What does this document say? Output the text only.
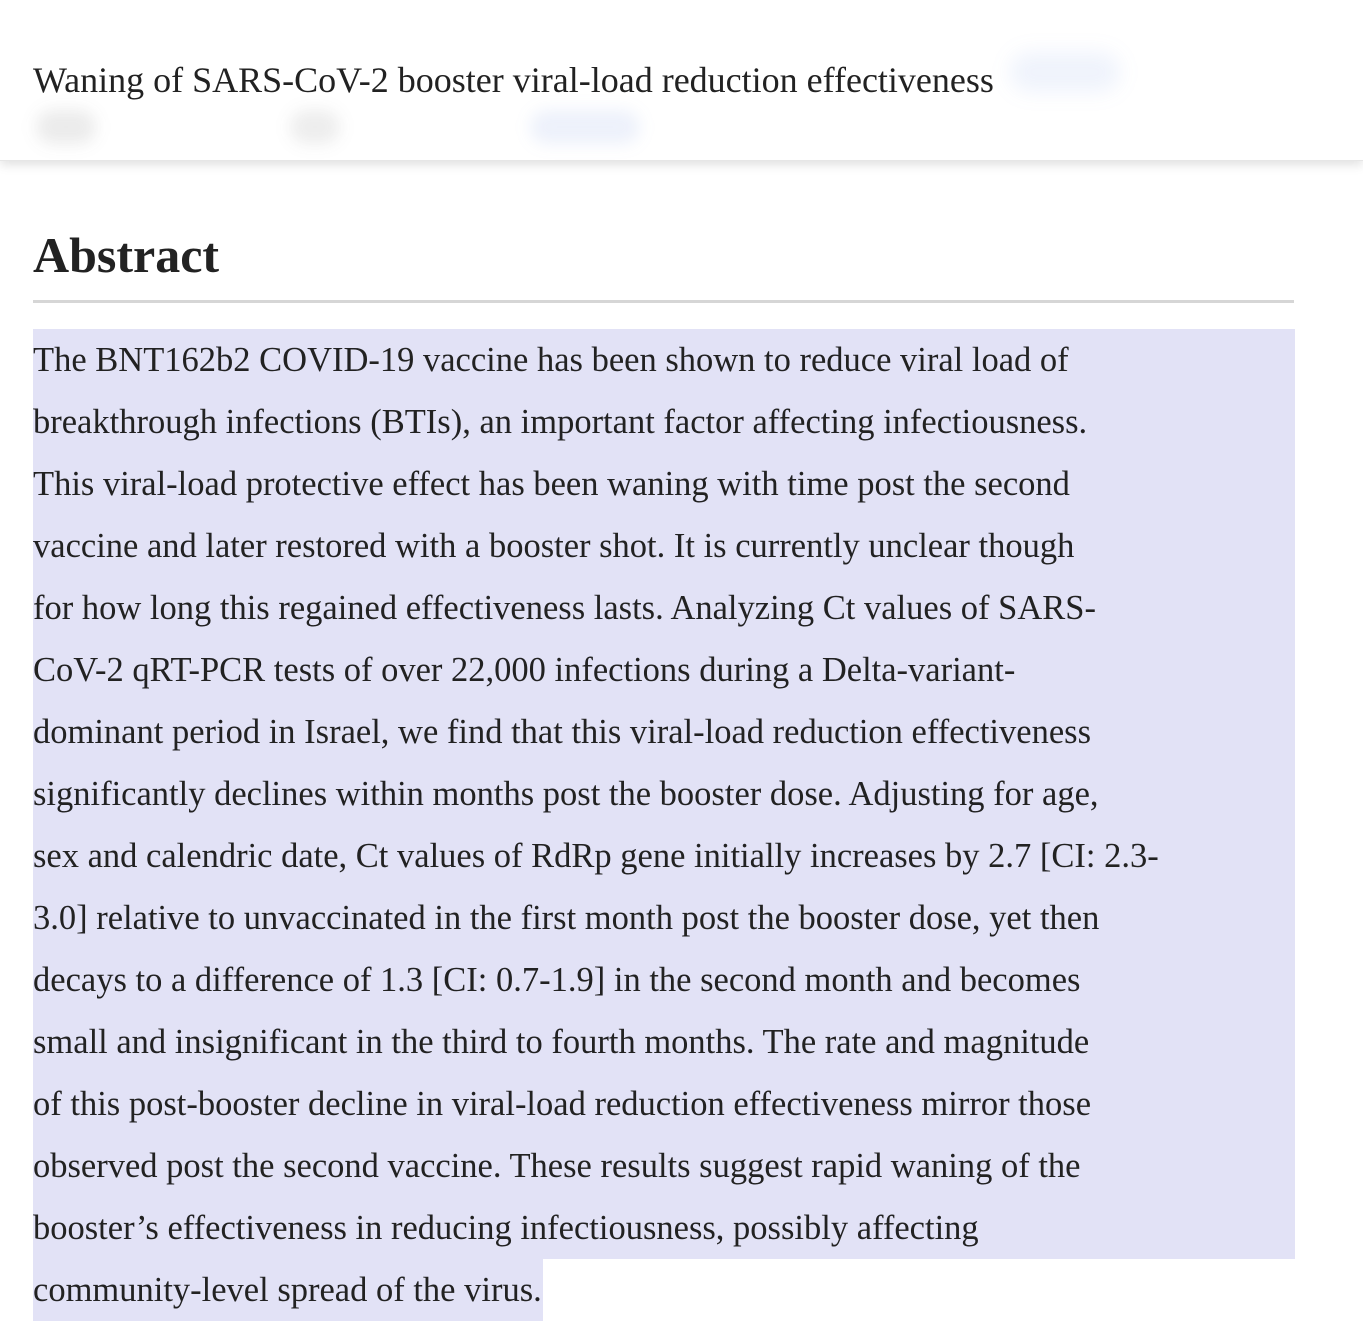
Waning of SARS-CoV-2 booster viral-load reduction effectiveness
Abstract

The BNT162b2 COVID-19 vaccine has been shown to reduce viral load of
breakthrough infections (BTIs), an important factor affecting infectiousness.
This viral-load protective effect has been waning with time post the second
vaccine and later restored with a booster shot. It is currently unclear though
for how long this regained effectiveness lasts. Analyzing Ct values of SARS-
CoV-2 qRT-PCR tests of over 22,000 infections during a Delta-variant-
dominant period in Israel, we find that this viral-load reduction effectiveness
significantly declines within months post the booster dose. Adjusting for age,
sex and calendric date, Ct values of RdRp gene initially increases by 2.7 [CI: 2.3-
3.0] relative to unvaccinated in the first month post the booster dose, yet then
decays to a difference of 1.3 [CI: 0.7-1.9] in the second month and becomes
small and insignificant in the third to fourth months. The rate and magnitude
of this post-booster decline in viral-load reduction effectiveness mirror those
observed post the second vaccine. These results suggest rapid waning of the
booster’s effectiveness in reducing infectiousness, possibly affecting
community-level spread of the virus.
